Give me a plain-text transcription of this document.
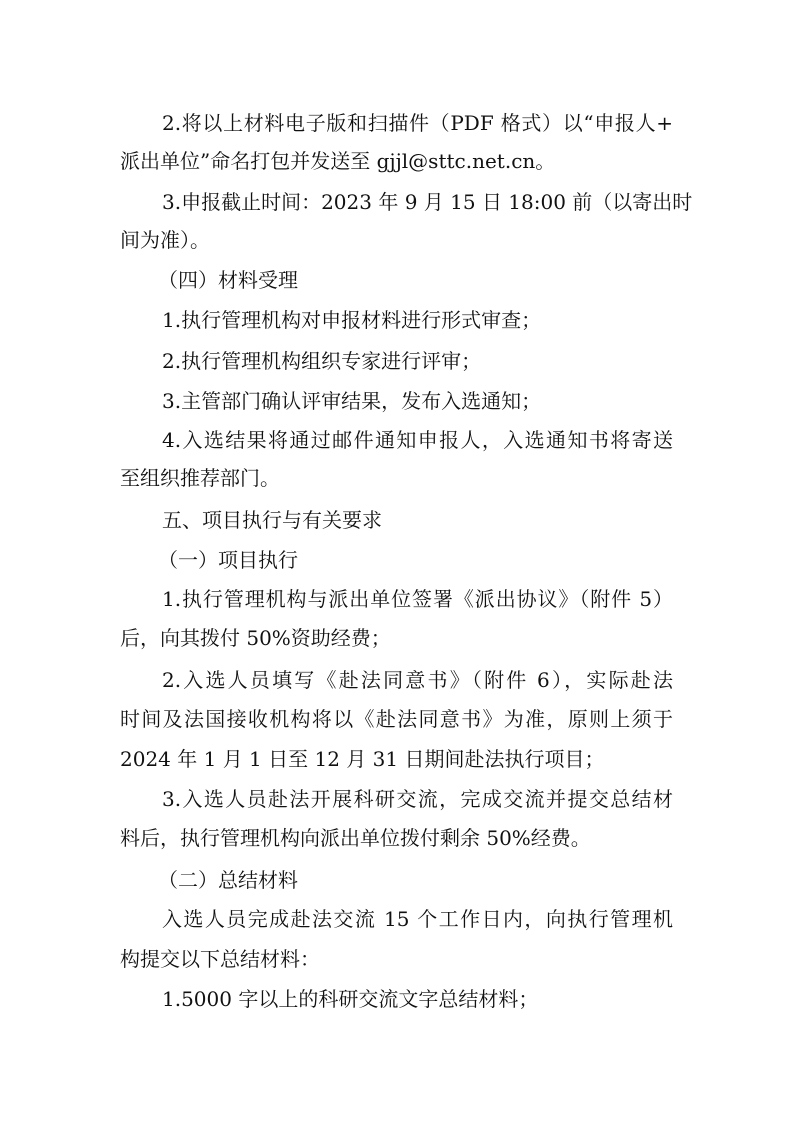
2.将以上材料电子版和扫描件（PDF 格式）以“申报人+
派出单位”命名打包并发送至 gjjl@sttc.net.cn。
3.申报截止时间：2023 年 9 月 15 日 18:00 前（以寄出时
间为准）。
（四）材料受理
1.执行管理机构对申报材料进行形式审查；
2.执行管理机构组织专家进行评审；
3.主管部门确认评审结果，发布入选通知；
4.入选结果将通过邮件通知申报人，入选通知书将寄送
至组织推荐部门。
五、项目执行与有关要求
（一）项目执行
1.执行管理机构与派出单位签署《派出协议》（附件 5）
后，向其拨付 50%资助经费；
2.入选人员填写《赴法同意书》（附件 6），实际赴法
时间及法国接收机构将以《赴法同意书》为准，原则上须于
2024 年 1 月 1 日至 12 月 31 日期间赴法执行项目；
3.入选人员赴法开展科研交流，完成交流并提交总结材
料后，执行管理机构向派出单位拨付剩余 50%经费。
（二）总结材料
入选人员完成赴法交流 15 个工作日内，向执行管理机
构提交以下总结材料：
1.5000 字以上的科研交流文字总结材料；
